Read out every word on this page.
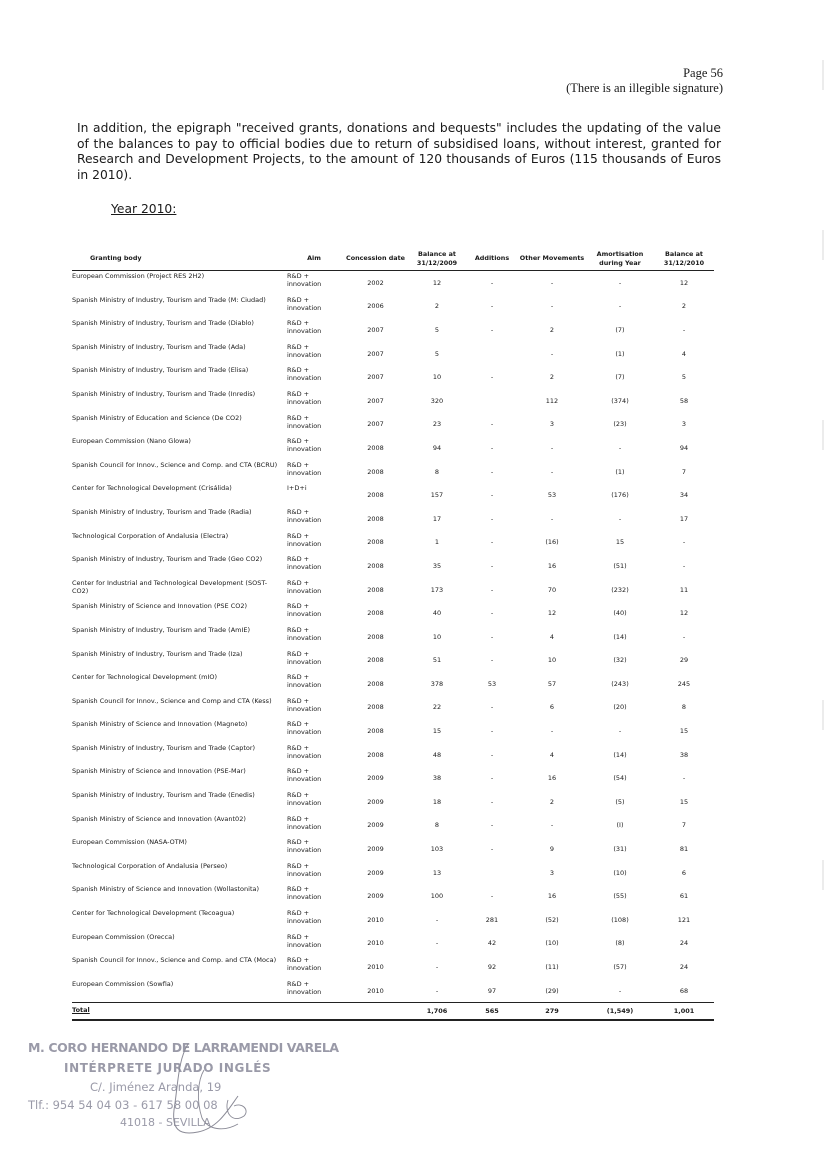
Page 56
(There is an illegible signature)
In addition, the epigraph "received grants, donations and bequests" includes the updating of the value of the balances to pay to official bodies due to return of subsidised loans, without interest, granted for Research and Development Projects, to the amount of 120 thousands of Euros (115 thousands of Euros in 2010).
Year 2010:
Granting body	Aim	Concession date	Balance at 31/12/2009	Additions	Other Movements	Amortisation during Year	Balance at 31/12/2010
European Commission (Project RES 2H2)	R&D + innovation	2002	12	-	-	-	12
Spanish Ministry of Industry, Tourism and Trade (M: Ciudad)	R&D + innovation	2006	2	-	-	-	2
Spanish Ministry of Industry, Tourism and Trade (Diablo)	R&D + innovation	2007	5	-	2	(7)	-
Spanish Ministry of Industry, Tourism and Trade (Ada)	R&D + innovation	2007	5		-	(1)	4
Spanish Ministry of Industry, Tourism and Trade (Elisa)	R&D + innovation	2007	10	-	2	(7)	5
Spanish Ministry of Industry, Tourism and Trade (Inredis)	R&D + innovation	2007	320		112	(374)	58
Spanish Ministry of Education and Science (De CO2)	R&D + innovation	2007	23	-	3	(23)	3
European Commission (Nano Glowa)	R&D + innovation	2008	94	-	-	-	94
Spanish Council for Innov., Science and Comp. and CTA (BCRU)	R&D + innovation	2008	8	-	-	(1)	7
Center for Technological Development (Crisálida)	I+D+i	2008	157	-	53	(176)	34
Spanish Ministry of Industry, Tourism and Trade (Radia)	R&D + innovation	2008	17	-	-	-	17
Technological Corporation of Andalusia (Electra)	R&D + innovation	2008	1	-	(16)	15	-
Spanish Ministry of Industry, Tourism and Trade (Geo CO2)	R&D + innovation	2008	35	-	16	(51)	-
Center for Industrial and Technological Development (SOST-CO2)	R&D + innovation	2008	173	-	70	(232)	11
Spanish Ministry of Science and Innovation (PSE CO2)	R&D + innovation	2008	40	-	12	(40)	12
Spanish Ministry of Industry, Tourism and Trade (AmIE)	R&D + innovation	2008	10	-	4	(14)	-
Spanish Ministry of Industry, Tourism and Trade (Iza)	R&D + innovation	2008	51	-	10	(32)	29
Center for Technological Development (mIO)	R&D + innovation	2008	378	53	57	(243)	245
Spanish Council for Innov., Science and Comp and CTA (Kess)	R&D + innovation	2008	22	-	6	(20)	8
Spanish Ministry of Science and Innovation (Magneto)	R&D + innovation	2008	15	-	-	-	15
Spanish Ministry of Industry, Tourism and Trade (Captor)	R&D + innovation	2008	48	-	4	(14)	38
Spanish Ministry of Science and Innovation (PSE-Mar)	R&D + innovation	2009	38	-	16	(54)	-
Spanish Ministry of Industry, Tourism and Trade (Enedis)	R&D + innovation	2009	18	-	2	(5)	15
Spanish Ministry of Science and Innovation (Avant02)	R&D + innovation	2009	8	-	-	(I)	7
European Commission (NASA-OTM)	R&D + innovation	2009	103	-	9	(31)	81
Technological Corporation of Andalusia (Perseo)	R&D + innovation	2009	13		3	(10)	6
Spanish Ministry of Science and Innovation (Wollastonita)	R&D + innovation	2009	100	-	16	(55)	61
Center for Technological Development (Tecoagua)	R&D + innovation	2010	-	281	(52)	(108)	121
European Commission (Orecca)	R&D + innovation	2010	-	42	(10)	(8)	24
Spanish Council for Innov., Science and Comp. and CTA (Moca)	R&D + innovation	2010	-	92	(11)	(57)	24
European Commission (Sowfia)	R&D + innovation	2010	-	97	(29)	-	68
Total			1,706	565	279	(1,549)	1,001
M. CORO HERNANDO DE LARRAMENDI VARELA
INTÉRPRETE JURADO INGLÉS
C/. Jiménez Aranda, 19
Tlf.: 954 54 04 03 - 617 58 00 08
41018 - SEVILLA
